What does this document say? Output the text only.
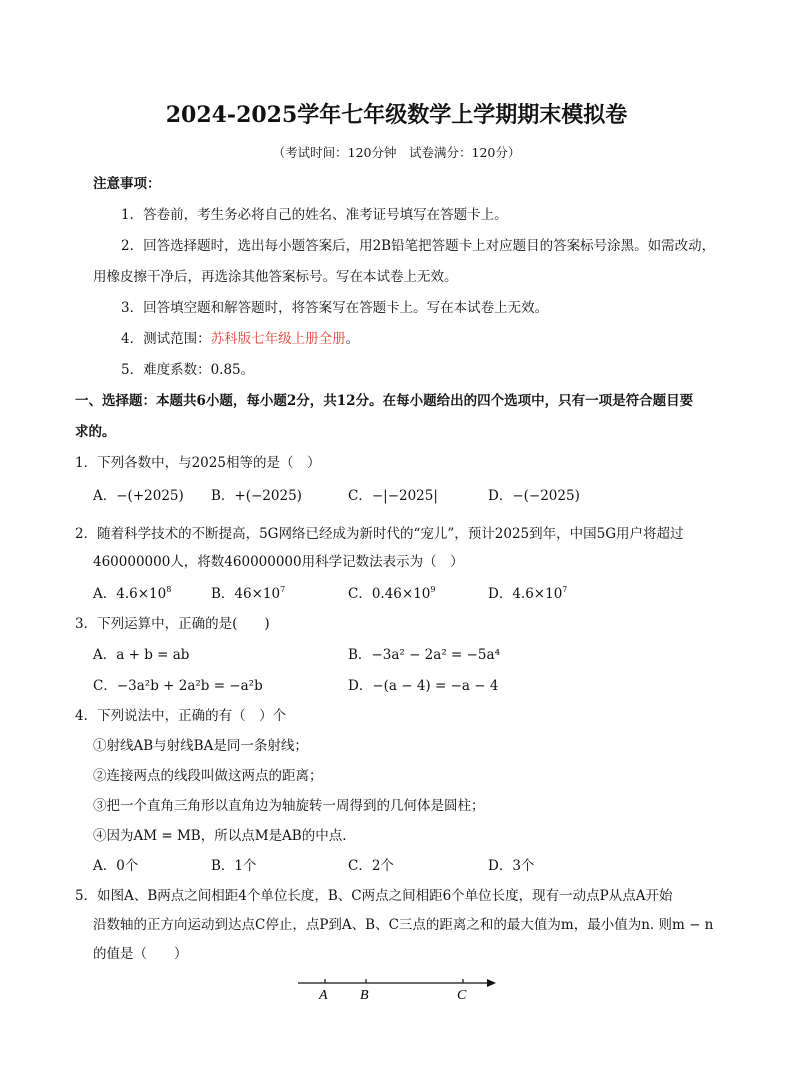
2024-2025学年七年级数学上学期期末模拟卷
（考试时间：120分钟　试卷满分：120分）
注意事项：
1．答卷前，考生务必将自己的姓名、准考证号填写在答题卡上。
2．回答选择题时，选出每小题答案后，用2B铅笔把答题卡上对应题目的答案标号涂黑。如需改动，
用橡皮擦干净后，再选涂其他答案标号。写在本试卷上无效。
3．回答填空题和解答题时，将答案写在答题卡上。写在本试卷上无效。
4．测试范围：苏科版七年级上册全册。
5．难度系数：0.85。
一、选择题：本题共6小题，每小题2分，共12分。在每小题给出的四个选项中，只有一项是符合题目要
求的。
1．下列各数中，与2025相等的是（　）
A．−(+2025) B．+(−2025)	C．−|−2025|	D．−(−2025)
2．随着科学技术的不断提高，5G网络已经成为新时代的“宠儿”，预计2025到年，中国5G用户将超过
460000000人，将数460000000用科学记数法表示为（　）
A．$4.6\times 10^8$	B．$46\times 10^7$	C．$0.46\times 10^9$	D．$4.6\times 10^7$
3．下列运算中，正确的是(　　)
A．a + b = ab	B．−3a² − 2a² = −5a⁴
C．−3a²b + 2a²b = −a²b	D．−(a − 4) = −a − 4
4．下列说法中，正确的有（　）个
①射线AB与射线BA是同一条射线；
②连接两点的线段叫做这两点的距离；
③把一个直角三角形以直角边为轴旋转一周得到的几何体是圆柱；
④因为AM = MB，所以点M是AB的中点.
A．0个	B．1个	C．2个	D．3个
5．如图A、B两点之间相距4个单位长度，B、C两点之间相距6个单位长度，现有一动点P从点A开始
沿数轴的正方向运动到达点C停止，点P到A、B、C三点的距离之和的最大值为m，最小值为n. 则m − n
的值是（　　）
A B	C
